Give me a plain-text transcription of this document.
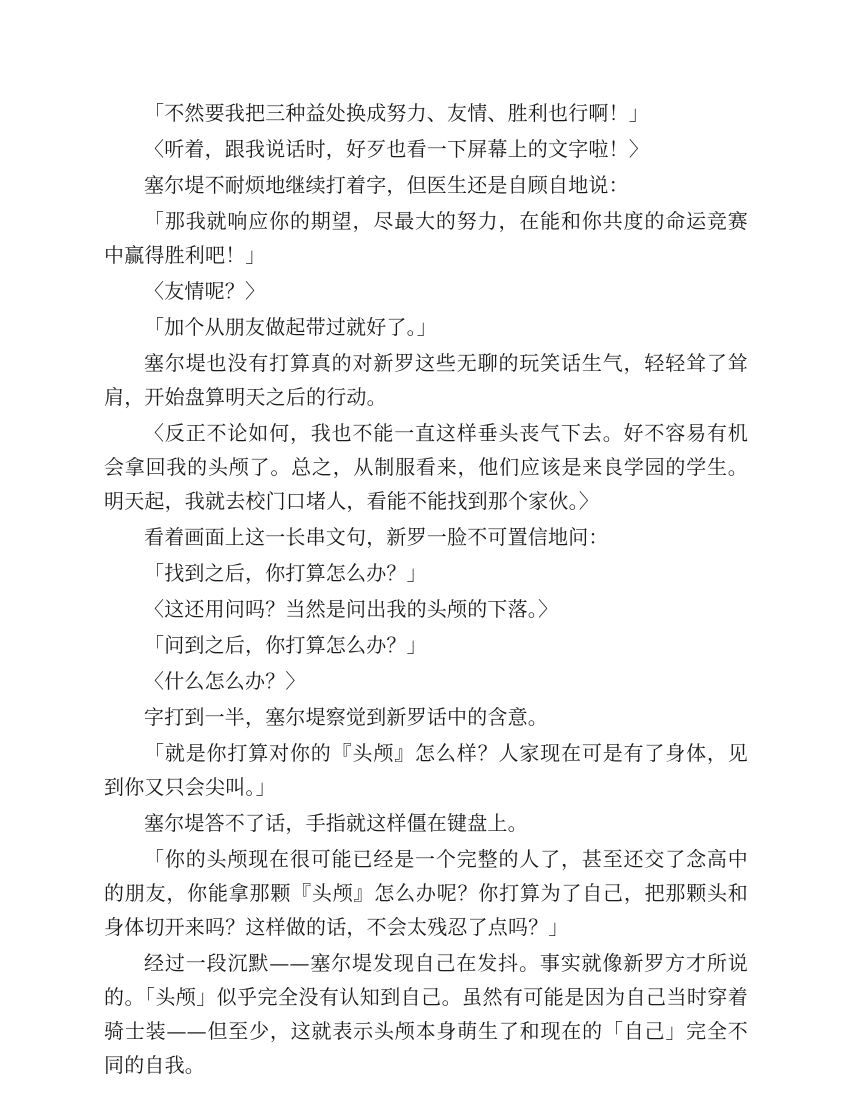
「不然要我把三种益处换成努力、友情、胜利也行啊！」

〈听着，跟我说话时，好歹也看一下屏幕上的文字啦！〉

塞尔堤不耐烦地继续打着字，但医生还是自顾自地说：

「那我就响应你的期望，尽最大的努力，在能和你共度的命运竞赛中赢得胜利吧！」

〈友情呢？〉

「加个从朋友做起带过就好了。」

塞尔堤也没有打算真的对新罗这些无聊的玩笑话生气，轻轻耸了耸肩，开始盘算明天之后的行动。

〈反正不论如何，我也不能一直这样垂头丧气下去。好不容易有机会拿回我的头颅了。总之，从制服看来，他们应该是来良学园的学生。明天起，我就去校门口堵人，看能不能找到那个家伙。〉

看着画面上这一长串文句，新罗一脸不可置信地问：

「找到之后，你打算怎么办？」

〈这还用问吗？当然是问出我的头颅的下落。〉

「问到之后，你打算怎么办？」

〈什么怎么办？〉

字打到一半，塞尔堤察觉到新罗话中的含意。

「就是你打算对你的『头颅』怎么样？人家现在可是有了身体，见到你又只会尖叫。」

塞尔堤答不了话，手指就这样僵在键盘上。

「你的头颅现在很可能已经是一个完整的人了，甚至还交了念高中的朋友，你能拿那颗『头颅』怎么办呢？你打算为了自己，把那颗头和身体切开来吗？这样做的话，不会太残忍了点吗？」

经过一段沉默——塞尔堤发现自己在发抖。事实就像新罗方才所说的。「头颅」似乎完全没有认知到自己。虽然有可能是因为自己当时穿着骑士装——但至少，这就表示头颅本身萌生了和现在的「自己」完全不同的自我。
